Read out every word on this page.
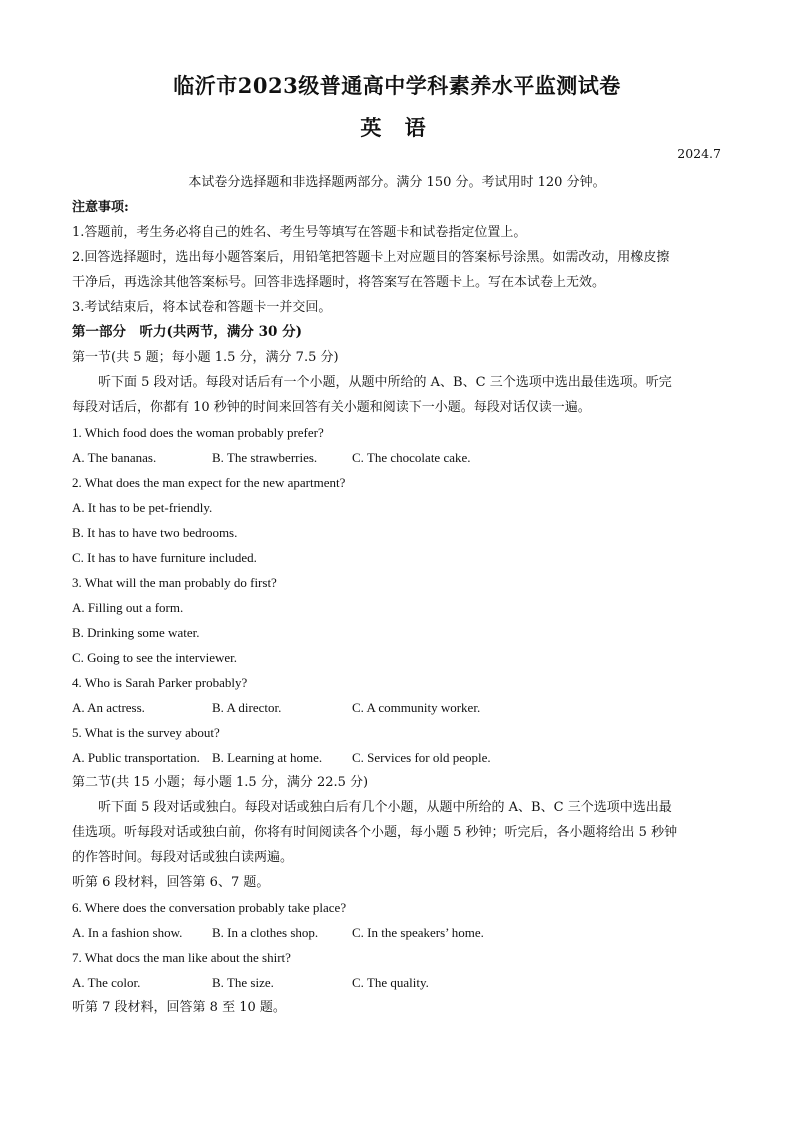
临沂市2023级普通高中学科素养水平监测试卷
英 语
2024.7
本试卷分选择题和非选择题两部分。满分 150 分。考试用时 120 分钟。
注意事项:
1.答题前，考生务必将自己的姓名、考生号等填写在答题卡和试卷指定位置上。
2.回答选择题时，选出每小题答案后，用铅笔把答题卡上对应题目的答案标号涂黑。如需改动，用橡皮擦
干净后，再选涂其他答案标号。回答非选择题时，将答案写在答题卡上。写在本试卷上无效。
3.考试结束后，将本试卷和答题卡一并交回。
第一部分　听力(共两节，满分 30 分)
第一节(共 5 题；每小题 1.5 分，满分 7.5 分)
听下面 5 段对话。每段对话后有一个小题，从题中所给的 A、B、C 三个选项中选出最佳选项。听完
每段对话后，你都有 10 秒钟的时间来回答有关小题和阅读下一小题。每段对话仅读一遍。
1. Which food does the woman probably prefer?
A. The bananas.	B. The strawberries.	C. The chocolate cake.
2. What does the man expect for the new apartment?
A. It has to be pet-friendly.
B. It has to have two bedrooms.
C. It has to have furniture included.
3. What will the man probably do first?
A. Filling out a form.
B. Drinking some water.
C. Going to see the interviewer.
4. Who is Sarah Parker probably?
A. An actress.	B. A director.	C. A community worker.
5. What is the survey about?
A. Public transportation. B. Learning at home.	C. Services for old people.
第二节(共 15 小题；每小题 1.5 分，满分 22.5 分)
听下面 5 段对话或独白。每段对话或独白后有几个小题，从题中所给的 A、B、C 三个选项中选出最
佳选项。听每段对话或独白前，你将有时间阅读各个小题，每小题 5 秒钟；听完后，各小题将给出 5 秒钟
的作答时间。每段对话或独白读两遍。
听第 6 段材料，回答第 6、7 题。
6. Where does the conversation probably take place?
A. In a fashion show.	B. In a clothes shop.	C. In the speakers’ home.
7. What docs the man like about the shirt?
A. The color.	B. The size.	C. The quality.
听第 7 段材料，回答第 8 至 10 题。
